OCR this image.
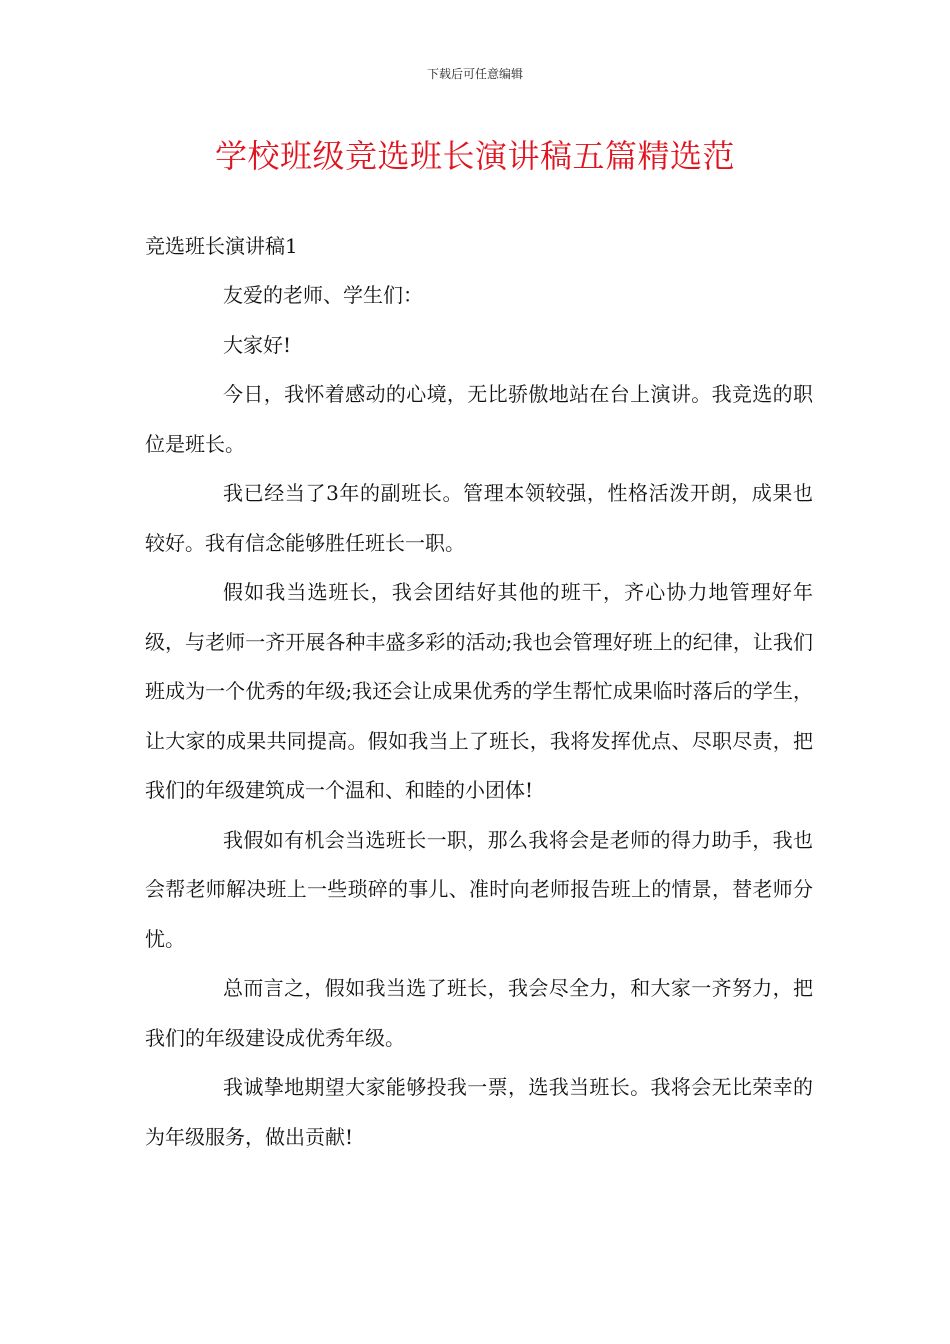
下载后可任意编辑
学校班级竞选班长演讲稿五篇精选范

竞选班长演讲稿1

友爱的老师、学生们：

大家好!

今日，我怀着感动的心境，无比骄傲地站在台上演讲。我竞选的职位是班长。

我已经当了3年的副班长。管理本领较强，性格活泼开朗，成果也较好。我有信念能够胜任班长一职。

假如我当选班长，我会团结好其他的班干，齐心协力地管理好年级，与老师一齐开展各种丰盛多彩的活动;我也会管理好班上的纪律，让我们班成为一个优秀的年级;我还会让成果优秀的学生帮忙成果临时落后的学生，让大家的成果共同提高。假如我当上了班长，我将发挥优点、尽职尽责，把我们的年级建筑成一个温和、和睦的小团体!

我假如有机会当选班长一职，那么我将会是老师的得力助手，我也会帮老师解决班上一些琐碎的事儿、准时向老师报告班上的情景，替老师分忧。

总而言之，假如我当选了班长，我会尽全力，和大家一齐努力，把我们的年级建设成优秀年级。

我诚挚地期望大家能够投我一票，选我当班长。我将会无比荣幸的为年级服务，做出贡献!
